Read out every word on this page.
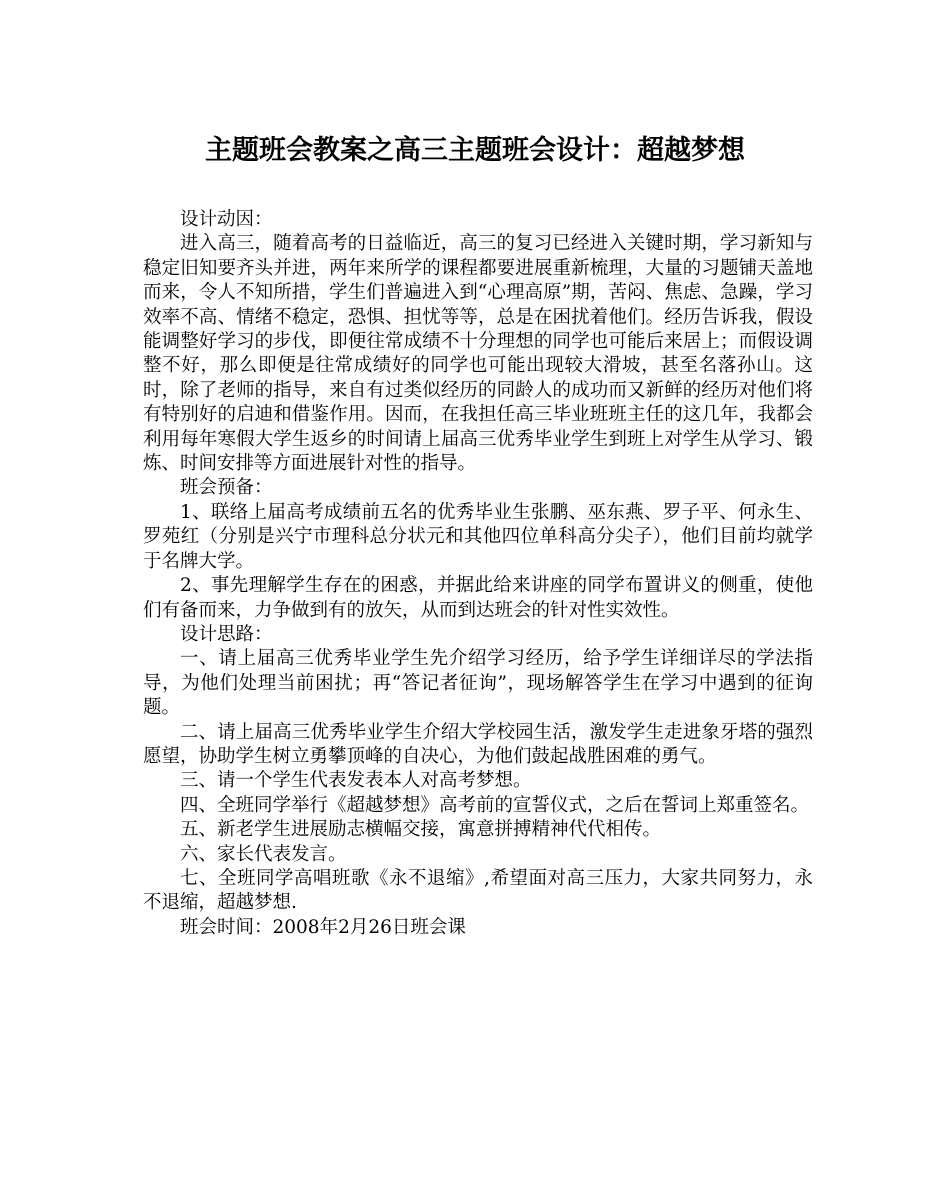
主题班会教案之高三主题班会设计：超越梦想

设计动因：

进入高三，随着高考的日益临近，高三的复习已经进入关键时期，学习新知与稳定旧知要齐头并进，两年来所学的课程都要进展重新梳理，大量的习题铺天盖地而来，令人不知所措，学生们普遍进入到“心理高原”期，苦闷、焦虑、急躁，学习效率不高、情绪不稳定，恐惧、担忧等等，总是在困扰着他们。经历告诉我，假设能调整好学习的步伐，即便往常成绩不十分理想的同学也可能后来居上；而假设调整不好，那么即便是往常成绩好的同学也可能出现较大滑坡，甚至名落孙山。这时，除了老师的指导，来自有过类似经历的同龄人的成功而又新鲜的经历对他们将有特别好的启迪和借鉴作用。因而，在我担任高三毕业班班主任的这几年，我都会利用每年寒假大学生返乡的时间请上届高三优秀毕业学生到班上对学生从学习、锻炼、时间安排等方面进展针对性的指导。

班会预备：

1、联络上届高考成绩前五名的优秀毕业生张鹏、巫东燕、罗子平、何永生、罗苑红（分别是兴宁市理科总分状元和其他四位单科高分尖子），他们目前均就学于名牌大学。

2、事先理解学生存在的困惑，并据此给来讲座的同学布置讲义的侧重，使他们有备而来，力争做到有的放矢，从而到达班会的针对性实效性。

设计思路：

一、请上届高三优秀毕业学生先介绍学习经历，给予学生详细详尽的学法指导，为他们处理当前困扰；再“答记者征询”，现场解答学生在学习中遇到的征询题。

二、请上届高三优秀毕业学生介绍大学校园生活，激发学生走进象牙塔的强烈愿望，协助学生树立勇攀顶峰的自决心，为他们鼓起战胜困难的勇气。

三、请一个学生代表发表本人对高考梦想。

四、全班同学举行《超越梦想》高考前的宣誓仪式，之后在誓词上郑重签名。

五、新老学生进展励志横幅交接，寓意拼搏精神代代相传。

六、家长代表发言。

七、全班同学高唱班歌《永不退缩》,希望面对高三压力，大家共同努力，永不退缩，超越梦想.

班会时间：2008年2月26日班会课
